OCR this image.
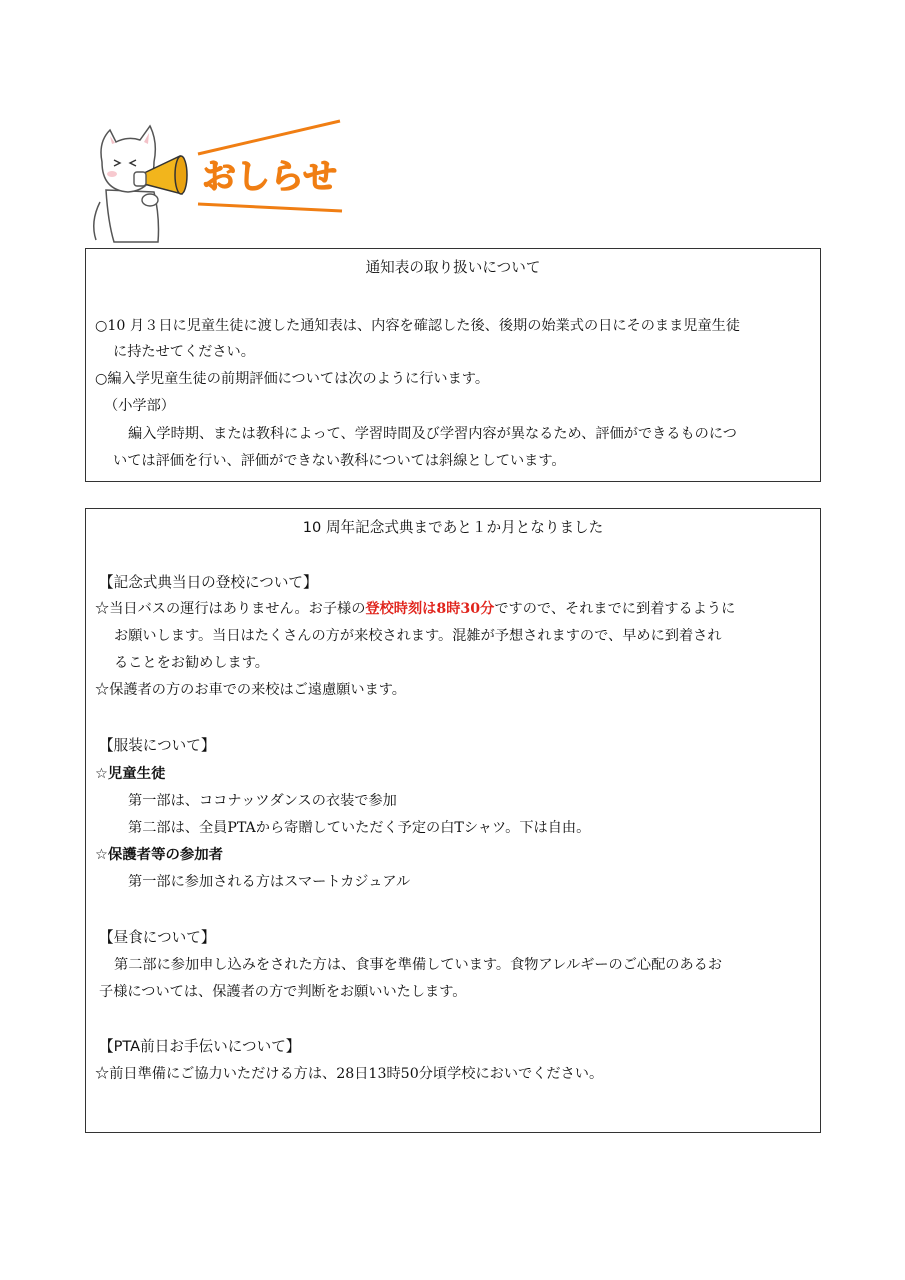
おしらせ
通知表の取り扱いについて
○10 月３日に児童生徒に渡した通知表は、内容を確認した後、後期の始業式の日にそのまま児童生徒
に持たせてください。
○編入学児童生徒の前期評価については次のように行います。
（小学部）
編入学時期、または教科によって、学習時間及び学習内容が異なるため、評価ができるものにつ
いては評価を行い、評価ができない教科については斜線としています。
10 周年記念式典まであと１か月となりました
【記念式典当日の登校について】
☆当日バスの運行はありません。お子様の登校時刻は8時30分ですので、それまでに到着するように
お願いします。当日はたくさんの方が来校されます。混雑が予想されますので、早めに到着され
ることをお勧めします。
☆保護者の方のお車での来校はご遠慮願います。
【服装について】
☆児童生徒
第一部は、ココナッツダンスの衣装で参加
第二部は、全員PTAから寄贈していただく予定の白Tシャツ。下は自由。
☆保護者等の参加者
第一部に参加される方はスマートカジュアル
【昼食について】
第二部に参加申し込みをされた方は、食事を準備しています。食物アレルギーのご心配のあるお
子様については、保護者の方で判断をお願いいたします。
【PTA前日お手伝いについて】
☆前日準備にご協力いただける方は、28日13時50分頃学校においでください。
